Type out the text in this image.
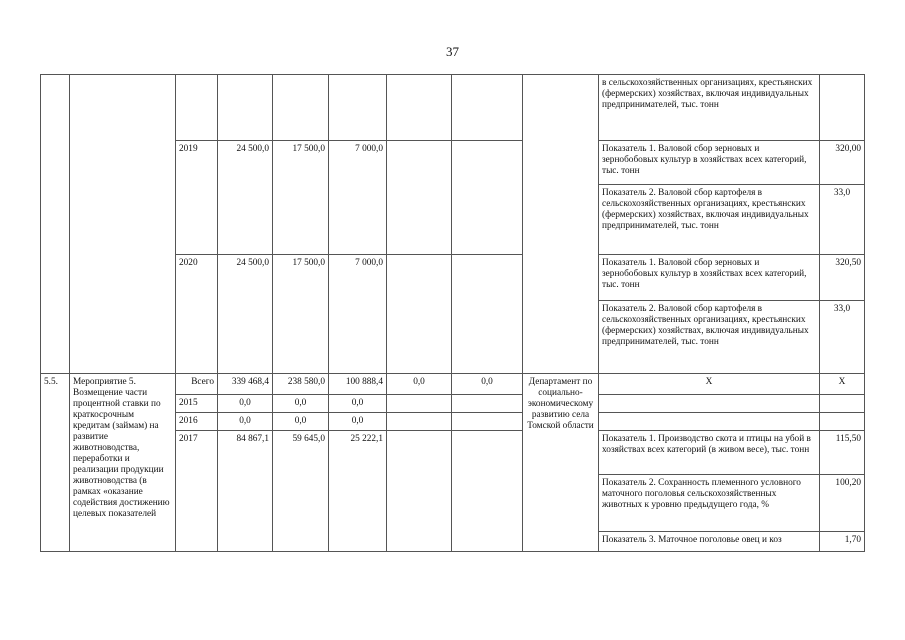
37
									в сельскохозяйственных организациях, крестьянских (фермерских) хозяйствах, включая индивидуальных предпринимателей, тыс. тонн	
		2019	24 500,0	17 500,0	7 000,0				Показатель 1. Валовой сбор зерновых и зернобобовых культур в хозяйствах всех категорий, тыс. тонн	320,00
									Показатель 2. Валовой сбор картофеля в сельскохозяйственных организациях, крестьянских (фермерских) хозяйствах, включая индивидуальных предпринимателей, тыс. тонн	33,0
		2020	24 500,0	17 500,0	7 000,0				Показатель 1. Валовой сбор зерновых и зернобобовых культур в хозяйствах всех категорий, тыс. тонн	320,50
									Показатель 2. Валовой сбор картофеля в сельскохозяйственных организациях, крестьянских (фермерских) хозяйствах, включая индивидуальных предпринимателей, тыс. тонн	33,0
5.5.	Мероприятие 5. Возмещение части процентной ставки по краткосрочным кредитам (займам) на развитие животноводства, переработки и реализации продукции животноводства (в рамках «оказание содействия достижению целевых показателей	Всего	339 468,4	238 580,0	100 888,4	0,0	0,0	Департамент по социально-экономическому развитию села Томской области	Х	Х
		2015	0,0	0,0	0,0					
		2016	0,0	0,0	0,0					
		2017	84 867,1	59 645,0	25 222,1				Показатель 1. Производство скота и птицы на убой в хозяйствах всех категорий (в живом весе), тыс. тонн	115,50
									Показатель 2. Сохранность племенного условного маточного поголовья сельскохозяйственных животных к уровню предыдущего года, %	100,20
									Показатель 3. Маточное поголовье овец и коз	1,70
